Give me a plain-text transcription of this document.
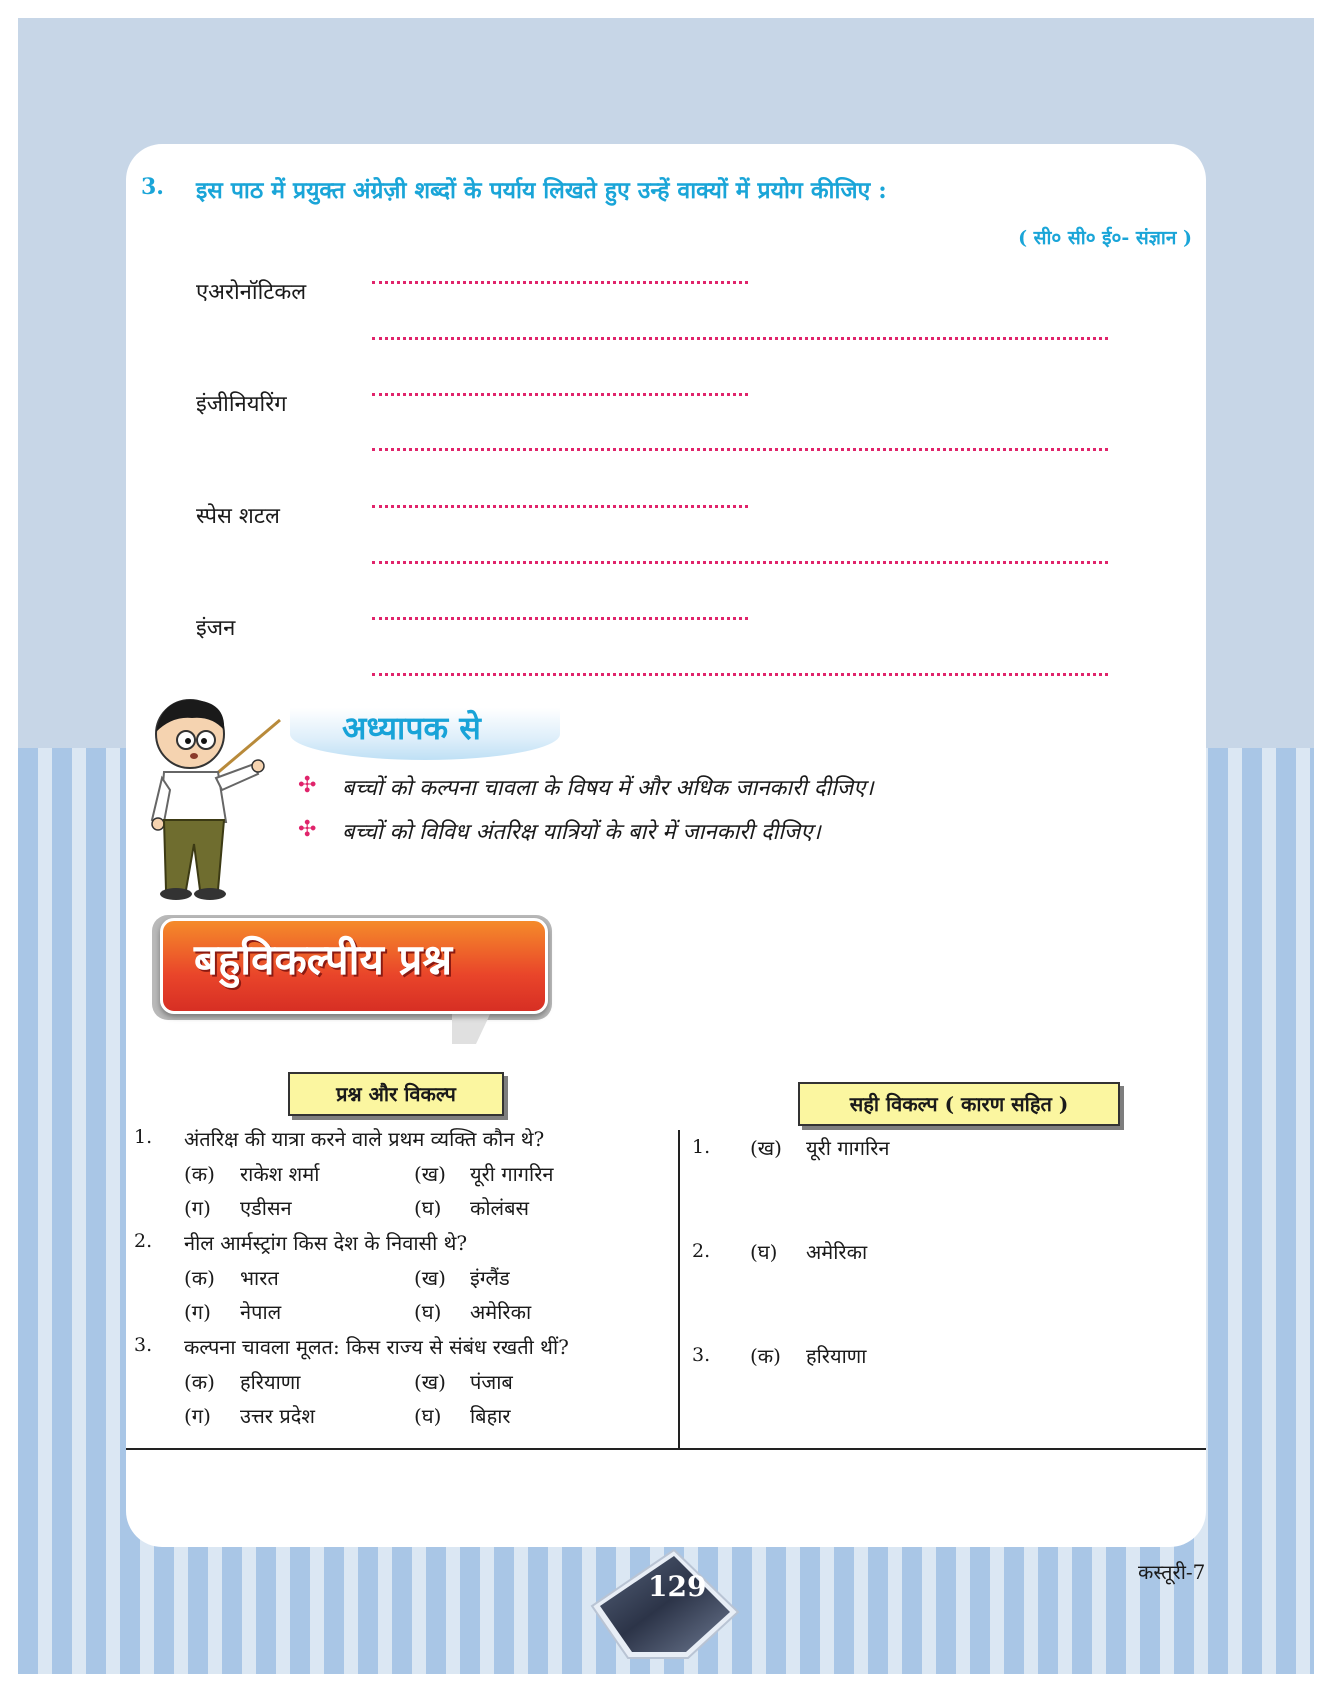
3. इस पाठ में प्रयुक्त अंग्रेज़ी शब्दों के पर्याय लिखते हुए उन्हें वाक्यों में प्रयोग कीजिए :
( सी० सी० ई०- संज्ञान )
एअरोनॉटिकल
इंजीनियरिंग
स्पेस शटल
इंजन
अध्यापक से
✣ बच्चों को कल्पना चावला के विषय में और अधिक जानकारी दीजिए।
✣ बच्चों को विविध अंतरिक्ष यात्रियों के बारे में जानकारी दीजिए।
बहुविकल्पीय प्रश्न
प्रश्न और विकल्प	सही विकल्प ( कारण सहित )
1. अंतरिक्ष की यात्रा करने वाले प्रथम व्यक्ति कौन थे?
(क) राकेश शर्मा	(ख) यूरी गागरिन
(ग) एडीसन	(घ) कोलंबस
2. नील आर्मस्ट्रांग किस देश के निवासी थे?
(क) भारत	(ख) इंग्लैंड
(ग) नेपाल	(घ) अमेरिका
3. कल्पना चावला मूलत: किस राज्य से संबंध रखती थीं?
(क) हरियाणा	(ख) पंजाब
(ग) उत्तर प्रदेश	(घ) बिहार
1. (ख) यूरी गागरिन
2. (घ) अमेरिका
3. (क) हरियाणा
129	कस्तूरी-7
